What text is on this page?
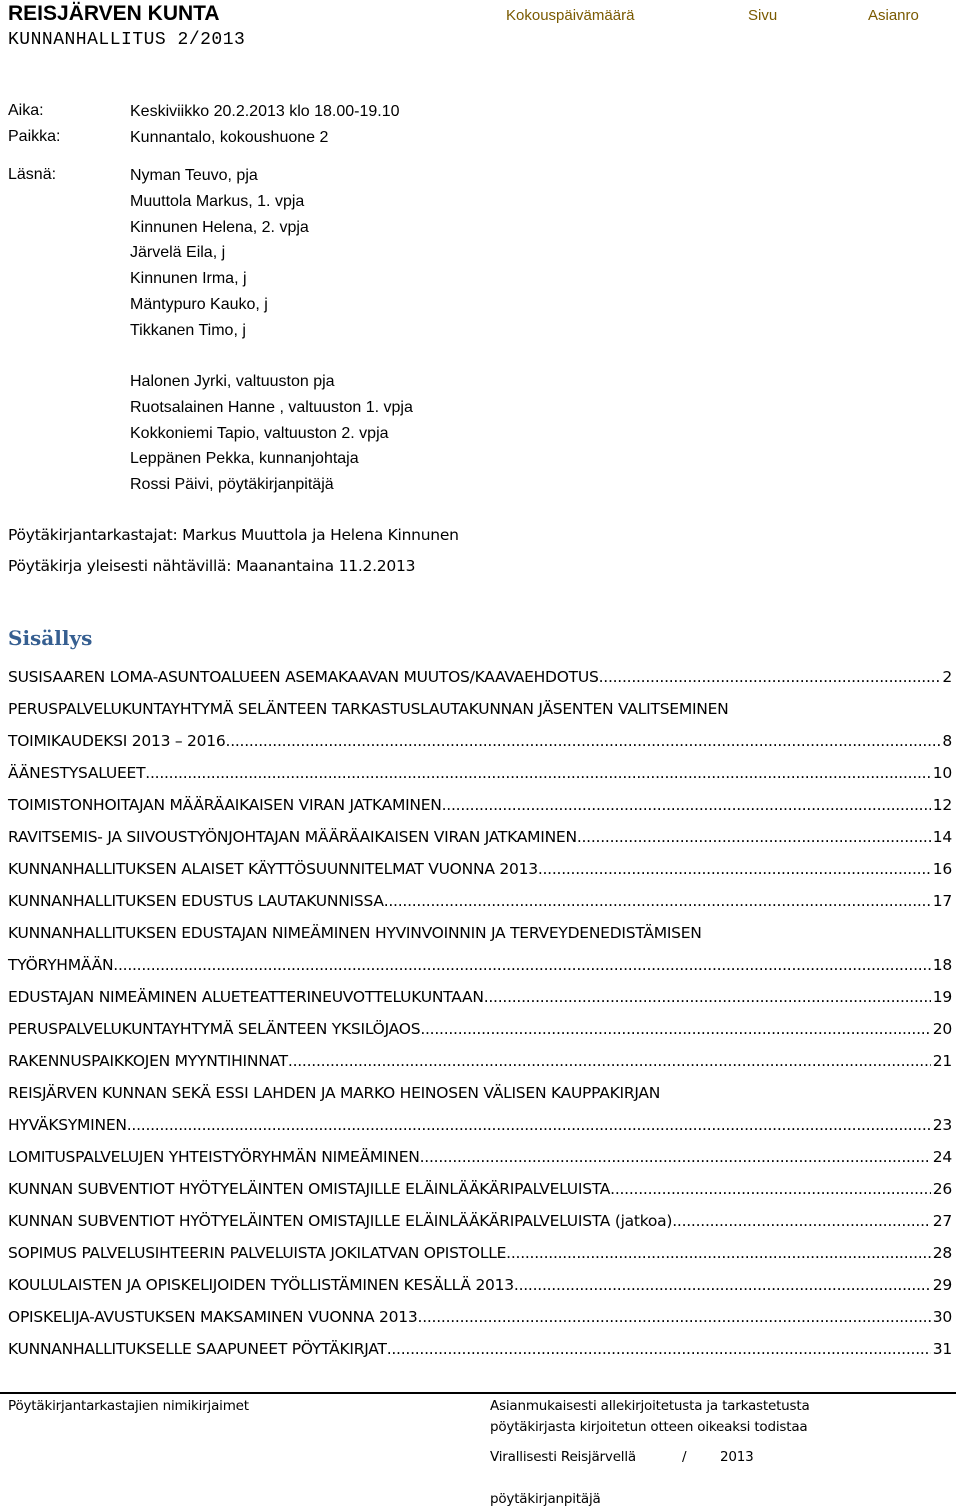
REISJÄRVEN KUNTA
KUNNANHALLITUS 2/2013
Kokouspäivämäärä	Sivu	Asianro
Aika:	Keskiviikko 20.2.2013 klo 18.00-19.10
Paikka:	Kunnantalo, kokoushuone 2
Läsnä:	Nyman Teuvo, pja
Muuttola Markus, 1. vpja
Kinnunen Helena, 2. vpja
Järvelä Eila, j
Kinnunen Irma, j
Mäntypuro Kauko, j
Tikkanen Timo, j
Halonen Jyrki, valtuuston pja
Ruotsalainen Hanne , valtuuston 1. vpja
Kokkoniemi Tapio, valtuuston 2. vpja
Leppänen Pekka, kunnanjohtaja
Rossi Päivi, pöytäkirjanpitäjä
Pöytäkirjantarkastajat: Markus Muuttola ja Helena Kinnunen
Pöytäkirja yleisesti nähtävillä: Maanantaina 11.2.2013
Sisällys
SUSISAAREN LOMA-ASUNTOALUEEN ASEMAKAAVAN MUUTOS/KAAVAEHDOTUS .....	2
PERUSPALVELUKUNTAYHTYMÄ SELÄNTEEN TARKASTUSLAUTAKUNNAN JÄSENTEN VALITSEMINEN
TOIMIKAUDEKSI 2013 – 2016 .....	8
ÄÄNESTYSALUEET .....	10
TOIMISTONHOITAJAN MÄÄRÄAIKAISEN VIRAN JATKAMINEN .....	12
RAVITSEMIS- JA SIIVOUSTYÖNJOHTAJAN MÄÄRÄAIKAISEN VIRAN JATKAMINEN .....	14
KUNNANHALLITUKSEN ALAISET KÄYTTÖSUUNNITELMAT VUONNA 2013 .....	16
KUNNANHALLITUKSEN EDUSTUS LAUTAKUNNISSA .....	17
KUNNANHALLITUKSEN EDUSTAJAN NIMEÄMINEN HYVINVOINNIN JA TERVEYDENEDISTÄMISEN
TYÖRYHMÄÄN .....	18
EDUSTAJAN NIMEÄMINEN ALUETEATTERINEUVOTTELUKUNTAAN .....	19
PERUSPALVELUKUNTAYHTYMÄ SELÄNTEEN YKSILÖJAOS .....	20
RAKENNUSPAIKKOJEN MYYNTIHINNAT .....	21
REISJÄRVEN KUNNAN SEKÄ ESSI LAHDEN JA MARKO HEINOSEN VÄLISEN KAUPPAKIRJAN
HYVÄKSYMINEN .....	23
LOMITUSPALVELUJEN YHTEISTYÖRYHMÄN NIMEÄMINEN .....	24
KUNNAN SUBVENTIOT HYÖTYELÄINTEN OMISTAJILLE ELÄINLÄÄKÄRIPALVELUISTA .....	26
KUNNAN SUBVENTIOT HYÖTYELÄINTEN OMISTAJILLE ELÄINLÄÄKÄRIPALVELUISTA (jatkoa) .....	27
SOPIMUS PALVELUSIHTEERIN PALVELUISTA JOKILATVAN OPISTOLLE .....	28
KOULULAISTEN JA OPISKELIJOIDEN TYÖLLISTÄMINEN KESÄLLÄ 2013 .....	29
OPISKELIJA-AVUSTUKSEN MAKSAMINEN VUONNA 2013 .....	30
KUNNANHALLITUKSELLE SAAPUNEET PÖYTÄKIRJAT .....	31
Pöytäkirjantarkastajien nimikirjaimet	Asianmukaisesti allekirjoitetusta ja tarkastetusta
pöytäkirjasta kirjoitetun otteen oikeaksi todistaa
Virallisesti Reisjärvellä	/ 2013
pöytäkirjanpitäjä
